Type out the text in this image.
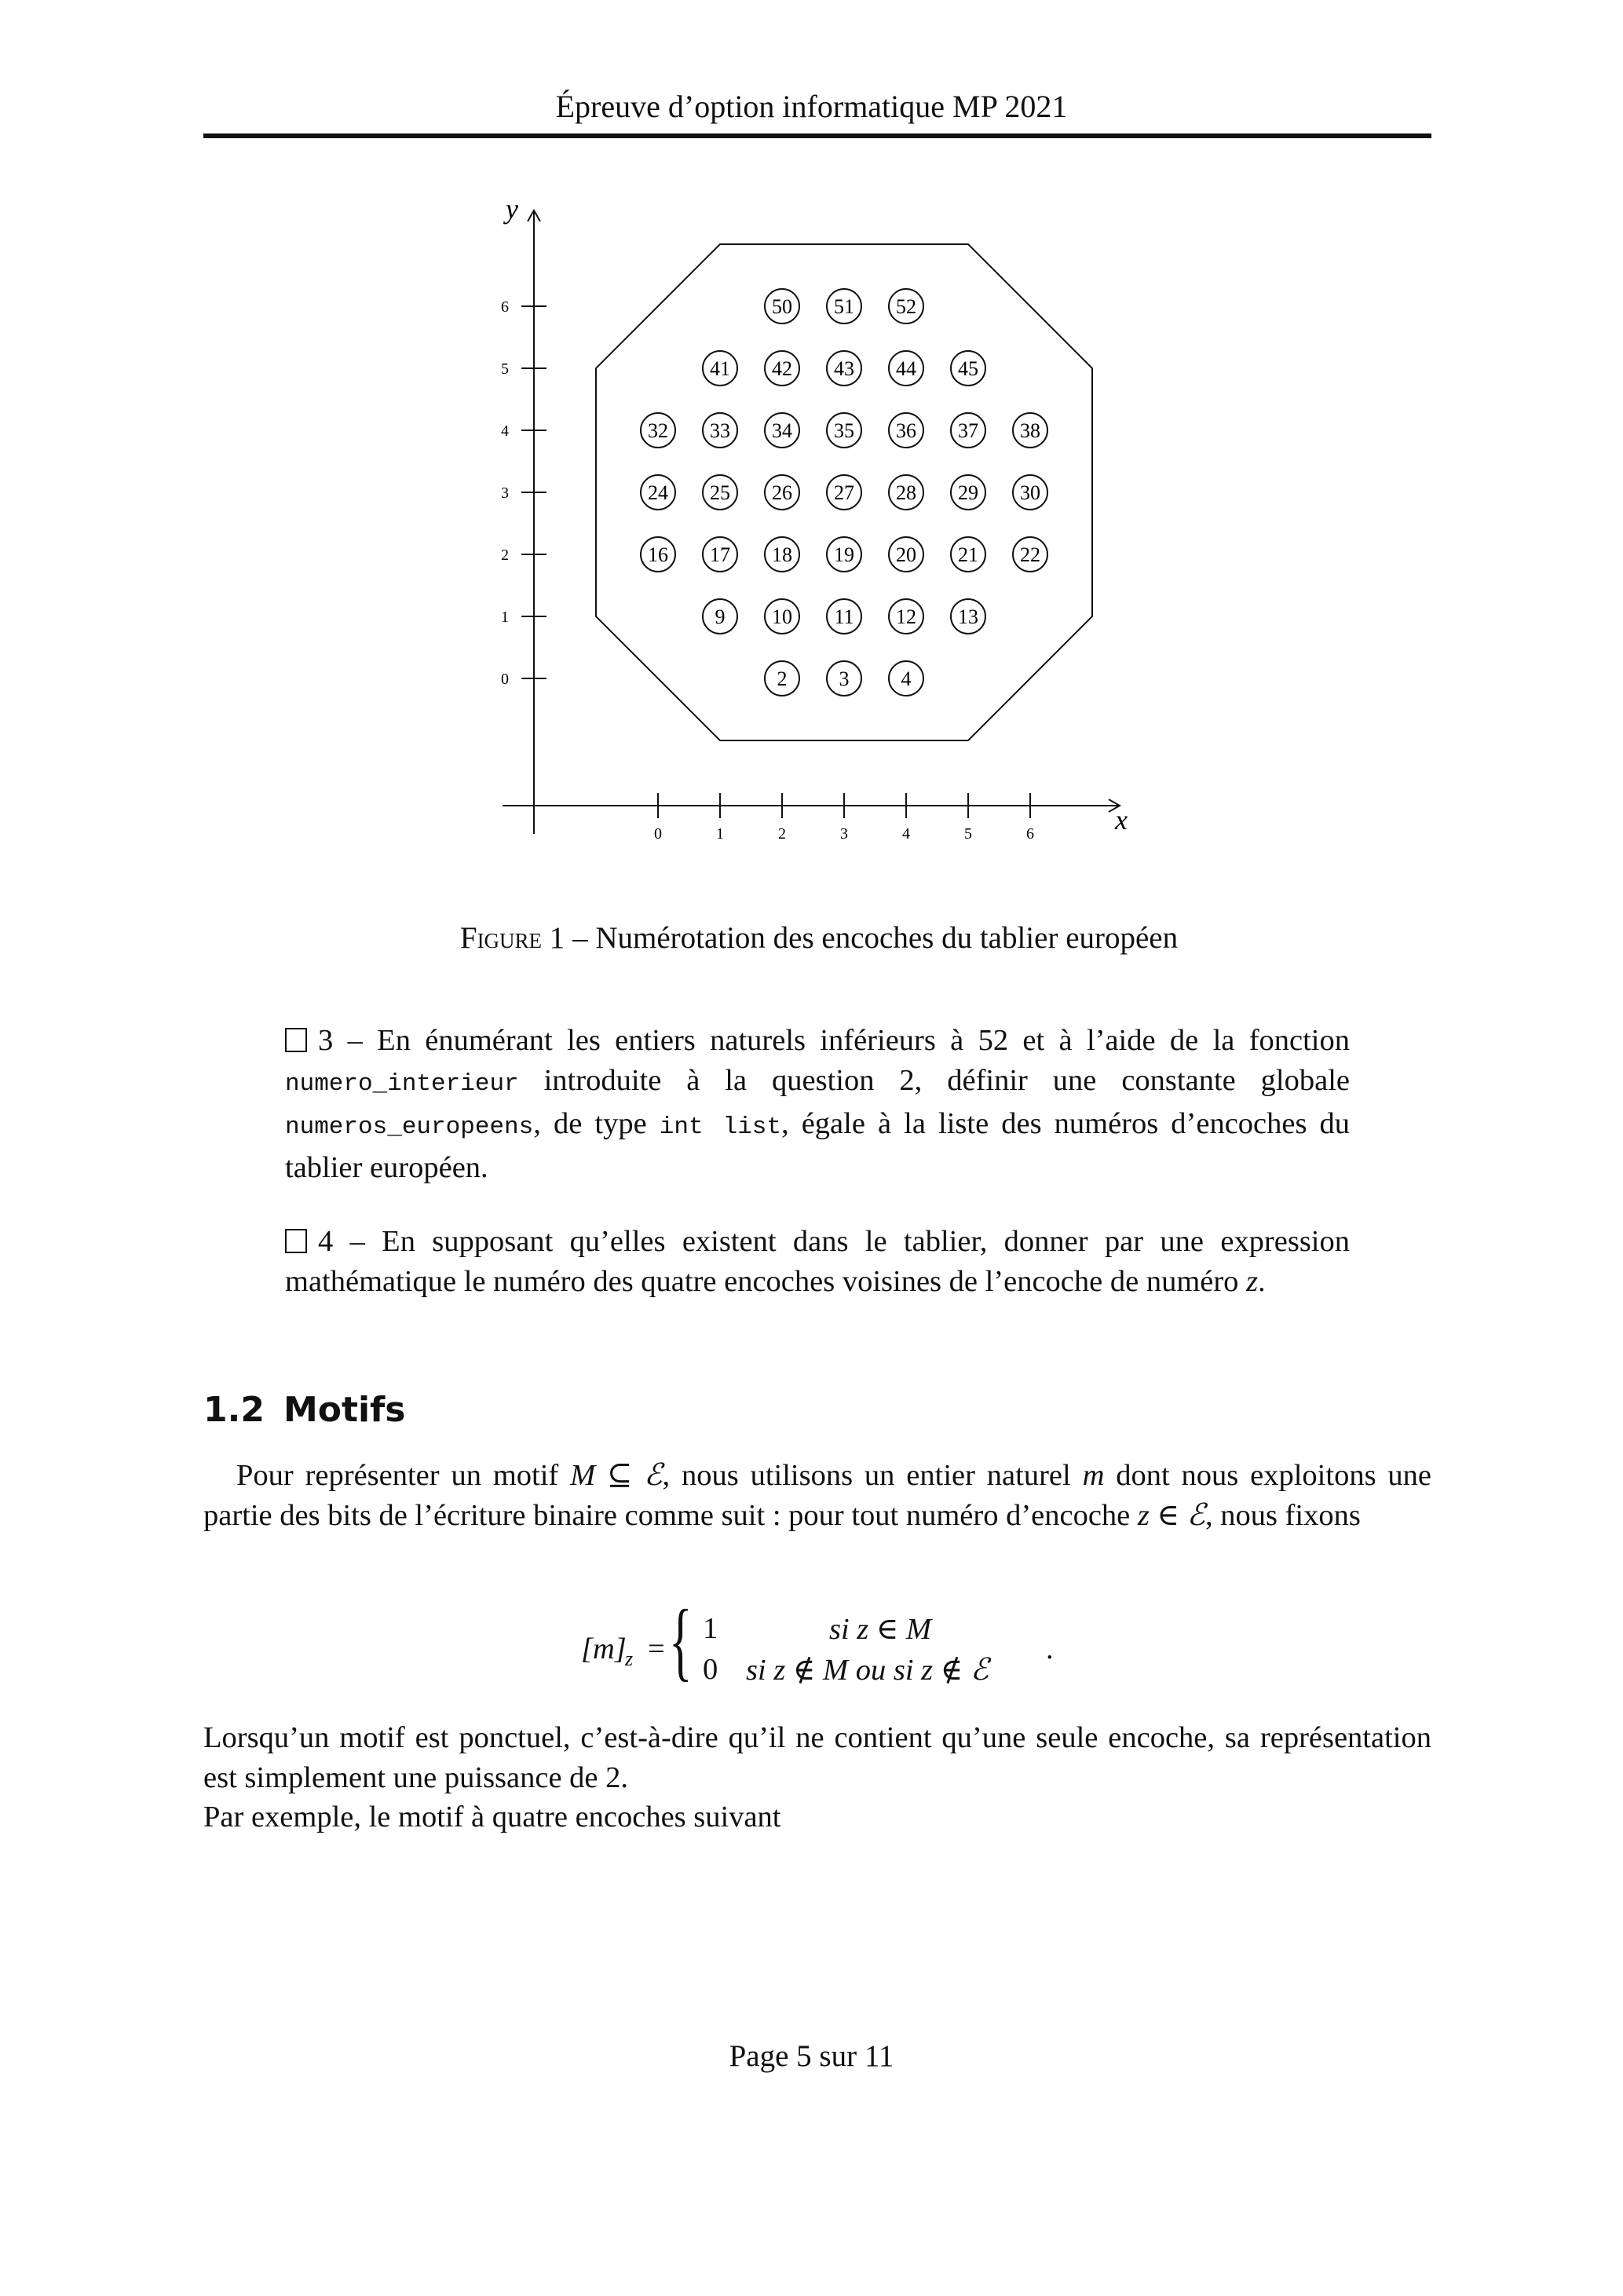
Épreuve d’option informatique MP 2021
y
x
0
1
2
3
4
5
6
0	1	2	3	4	5	6
2	3	4
9 10 11 12 13
16 17 18 19 20 21 22
24 25 26 27 28 29 30
32 33 34 35 36 37 38
41 42 43 44 45
50 51 52
Figure 1 – Numérotation des encoches du tablier européen
3 – En énumérant les entiers naturels inférieurs à 52 et à l’aide de la fonction numero_interieur introduite à la question 2, définir une constante globale numeros_europeens, de type int list, égale à la liste des numéros d’encoches du tablier européen.
4 – En supposant qu’elles existent dans le tablier, donner par une expression mathématique le numéro des quatre encoches voisines de l’encoche de numéro z.
1.2 Motifs
Pour représenter un motif M ⊆ ℰ, nous utilisons un entier naturel m dont nous exploitons une partie des bits de l’écriture binaire comme suit : pour tout numéro d’encoche z ∈ ℰ, nous fixons
[m]
z = { 1	si z ∈ M
0 si z ∉ M ou si z ∉ ℰ
.
Lorsqu’un motif est ponctuel, c’est-à-dire qu’il ne contient qu’une seule encoche, sa représentation est simplement une puissance de 2.
Par exemple, le motif à quatre encoches suivant
Page 5 sur 11
